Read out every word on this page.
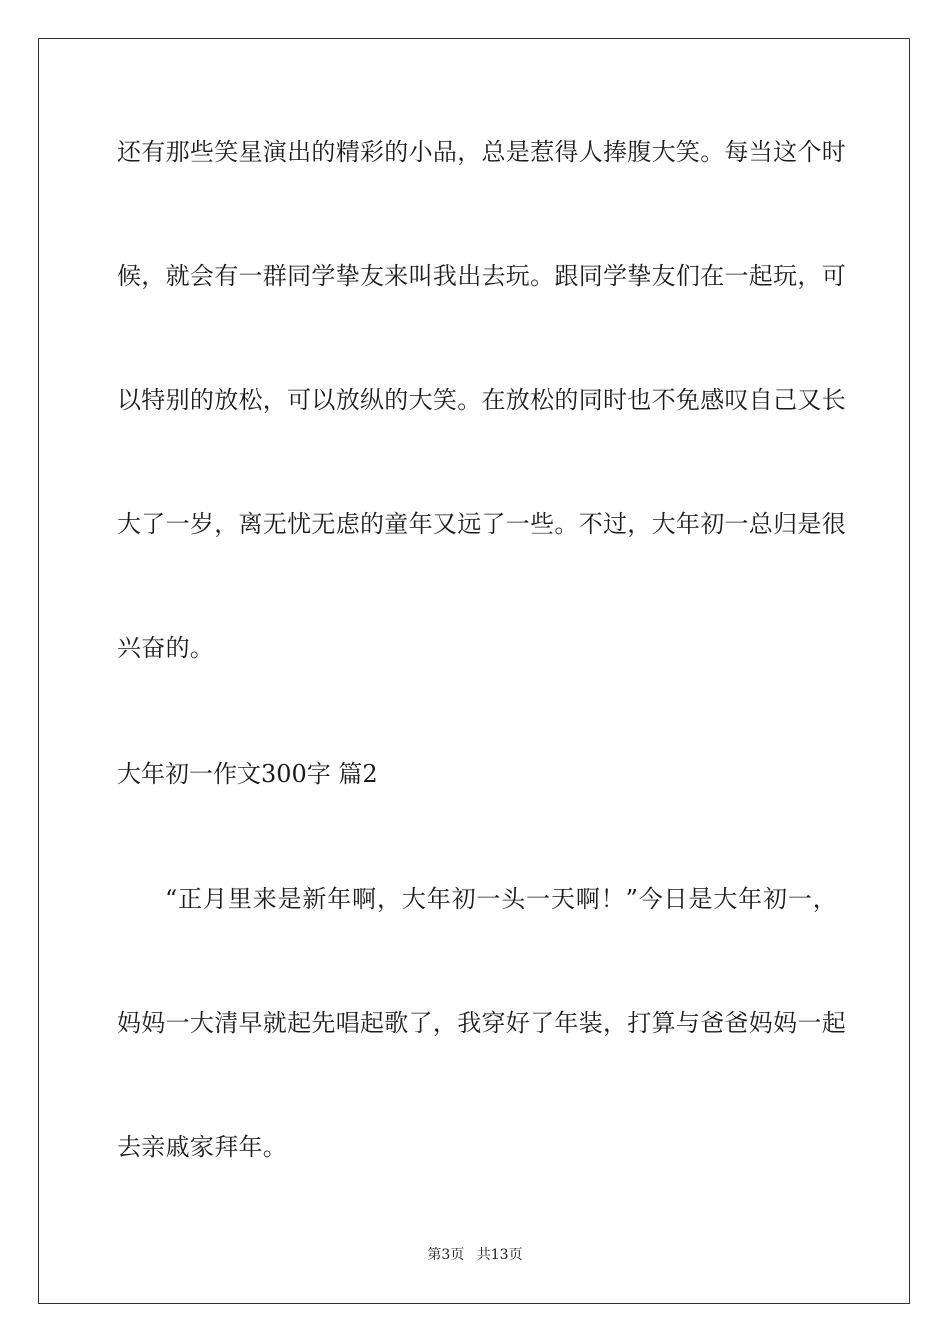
还有那些笑星演出的精彩的小品，总是惹得人捧腹大笑。每当这个时
候，就会有一群同学挚友来叫我出去玩。跟同学挚友们在一起玩，可
以特别的放松，可以放纵的大笑。在放松的同时也不免感叹自己又长
大了一岁，离无忧无虑的童年又远了一些。不过，大年初一总归是很
兴奋的。
大年初一作文300字 篇2
“正月里来是新年啊，大年初一头一天啊！”今日是大年初一，
妈妈一大清早就起先唱起歌了，我穿好了年装，打算与爸爸妈妈一起
去亲戚家拜年。
第3页 共13页
